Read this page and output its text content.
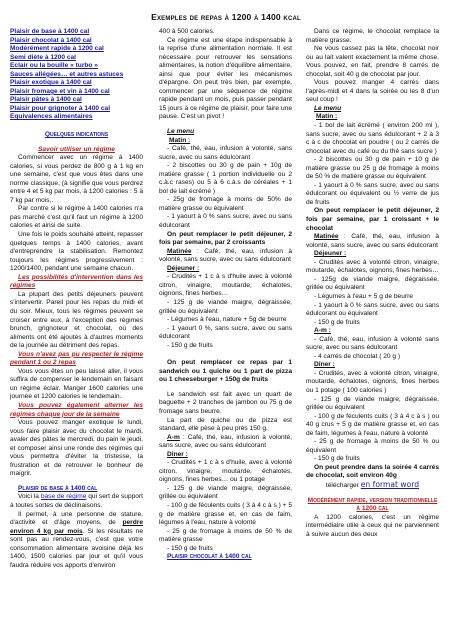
Exemples de repas à 1200 à 1400 kcal
Plaisir de base à 1400 cal
Plaisir chocolat à 1400 cal
Modérément rapide à 1200 cal
Semi diète à 1200 cal
Eclair ou la bouille « turbo »
Sauces allégées… et autres astuces
Plaisir exotique à 1400 cal
Plaisir fromage et vin à 1400 cal
Plaisir pâtes à 1400 cal
Plaisir pour grignoter à 1400 cal
Equivalences alimentaires
Quelques indications
Savoir utiliser un régime

Commencer avec un régime à 1400 calories, si vous perdez de 800 g à 1 kg en une semaine, c'est que vous êtes dans une norme classique, (à signifie que vous perdrez entre 4 et 5 kg par mois, à 1200 calories : 5 à 7 kg par mois,.

Par contre si le régime à 1400 calories n'a pas marché c'est qu'il faut un régime à 1200 calories et ainsi de suite.

Une fois le poids souhaité atteint, repasser quelques temps à 1400 calories, avant d'entreprendre la stabilisation. Remontez toujours les régimes progressivement : 1200/1400, pendant une semaine chacun.

Les possibilités d'intervention dans les régimes

La plupart des petits déjeuners peuvent s'intervertir. Pareil pour les repas du midi et du soir. Mieux, tous les régimes peuvent se croiser entre eux, à l'exception des régimes brunch, grignoteur et chocolat, où des aliments ont été ajoutés à d'autres moments de la journée au détriment des repas.

Vous n'avez pas pu respecter le régime pendant 1 ou 2 repas

Vous vous êtes un peu laissé aller, il vous suffira de compenser le lendemain en faisant un régime éclair. Manger 1600 calories une journée et 1200 calories le lendemain.

Vous pouvez également alterner les régimes chaque jour de la semaine

Vous pouvez manger exotique le lundi, vous faire plaisir avec du chocolat le mardi, avaler des pâtes le mercredi, du pain le jeudi, et composer ainsi une ronde des régimes qui vous permettra d'éviter la tristesse, la frustration et de retrouver le bonheur de maigrir.

Plaisir de base à 1400 cal

Voici la base de régime qui sert de support à toutes sortes de déclinaisons.

Il permet, à une personne de stature, d'activité et d'âge moyens, de perdre environ 4 kg par mois. Si les résultats ne sont pas au rendez-vous, c'est que votre consommation alimentaire avoisine déjà les 1400, 1500 calories par jour et qu'il vous faudra réduire vos apports d'environ

400 à 500 calories.

Ce régime est une étape indispensable à la reprise d'une alimentation normale. Il est nécessaire pour retrouver les sensations alimentaires, la notion d'équilibre alimentaire, ainsi que pour éviter les mécanismes d'épargne. On peut très bien, par exemple, commencer par une séquence de régime rapide pendant un mois, puis passer pendant 15 jours à ce régime de plaisir, pour faire une pause. C'est un pivot !

Le menu
Matin :

- Café, thé, eau, infusion à volonté, sans sucre, avec ou sans édulcorant

- 2 biscottes ou 30 g de pain + 10g de matière grasse ( 1 portion individuelle ou 2 c.à.c rases) ou 5 à 6 c.à.s de céréales + 1 bol de lait écrémé )

- 25g de fromage à moins de 50% de matière grasse ou équivalent

- 1 yaourt à 0 % sans sucre, avec ou sans édulcorant

On peut remplacer le petit déjeuner, 2 fois par semaine, par 2 croissants

Matinée : Café, thé, eau, infusion à volonté, sans sucre, avec ou sans édulcorant

Déjeuner :

- Crudités + 1 c à s d'huile avec à volonté citron, vinaigre, moutarde, échalotes, oignons, fines herbes…

- 125 g de viande maigre, dégraissée, grillée ou équivalent

- Légumes à l'eau, nature + 5g de beurre

- 1 yaourt 0 %, sans sucre, avec ou sans édulcorant

- 150 g de fruits

On peut remplacer ce repas par 1 sandwich ou 1 quiche ou 1 part de pizza ou 1 cheeseburger + 150g de fruits

Le sandwich est fait avec un quart de baguette + 2 tranches de jambon ou 75 g de fromage sans beurre.

La part de quiche ou de pizza est standard, elle pèse à peu près 150 g.

A-m : Café, thé, eau, infusion à volonté, sans sucre, avec ou sans édulcorant

Dîner :

- Crudités + 1 c à s d'huile, avec à volonté citron, vinaigre, moutarde, échalotes, oignons, fines herbes… ou 1 potage

- 125 g de viande maigre, dégraissée, grillée ou équivalent

- 100 g de féculents cuits ( 3 à 4 c à s ) + 5 g de matière grasse et, en cas de faim, légumes à l'eau, nature à volonté

- 25 g de fromage à moins de 50 % de matière grasse

- 150 g de fruits

Plaisir chocolat à 1400 cal

Dans ce régime, le chocolat remplace la matière grasse.

Ne vous cassez pas la tête, chocolat noir ou au lait valent exactement la même chose. Vous pouvez, en fait, prendre 8 carrés de chocolat, soit 40 g de chocolat par jour.

Vous pouvez manger 4 carrés dans l'après-midi et 4 dans la soirée ou les 8 d'un seul coup !

Le menu
Matin :

- 1 bol de lait écrémé ( environ 200 ml ), sans sucre, avec ou sans édulcorant + 2 à 3 c à c de chocolat en poudre ( ou 2 carrés de chocolat avec du café ou du thé sans sucre )

- 2 biscottes ou 30 g de pain + 10 g de matière grasse ou 25 g de fromage à moins de 50 % de matière grasse ou équivalent

- 1 yaourt à 0 % sans sucre, avec ou sans édulcorant ou équivalent ou ½ verre de jus de fruits

On peut remplacer le petit déjeuner, 2 fois par semaine, par 1 croissant + le chocolat

Matinée : Café, thé, eau, infusion à volonté, sans sucre, avec ou sans édulcorant

Déjeuner :

- Crudités avec à volonté citron, vinaigre, moutarde, échalotes, oignons, fines herbes…

- 125g de viande maigre, dégraissée, grillée ou équivalent

- Légumes à l'eau + 5 g de beurre

- 1 yaourt à 0 % sans sucre, avec ou sans édulcorant ou équivalent

- 150 g de fruits

A-m :

- Café, thé, eau, infusion à volonté sans sucre, avec ou sans édulcorant

- 4 carrés de chocolat ( 20 g )

Dîner :

- Crudités, avec à volonté citron, vinaigre, moutarde, échalotes, oignons, fines herbes ou 1 potage ( 100 calories )

- 125 g de viande maigre, dégraissée, grillée ou équivalent

- 100 g de féculents cuits ( 3 à 4 c à s ) ou 40 g crus + 5 g de matière grasse et, en cas de faim, légumes à l'eau, nature à volonté

- 25 g de fromage à moins de 50 % ou équivalent

- 150 g de fruits

On peut prendre dans la soirée 4 carrés de chocolat, soit environ 40g

télécharger en format word

Modérément rapide, version traditionnelle à 1200 cal

A 1200 calories, c'est un régime intermédiaire utile à ceux qui ne parviennent à suivre aucun des deux
